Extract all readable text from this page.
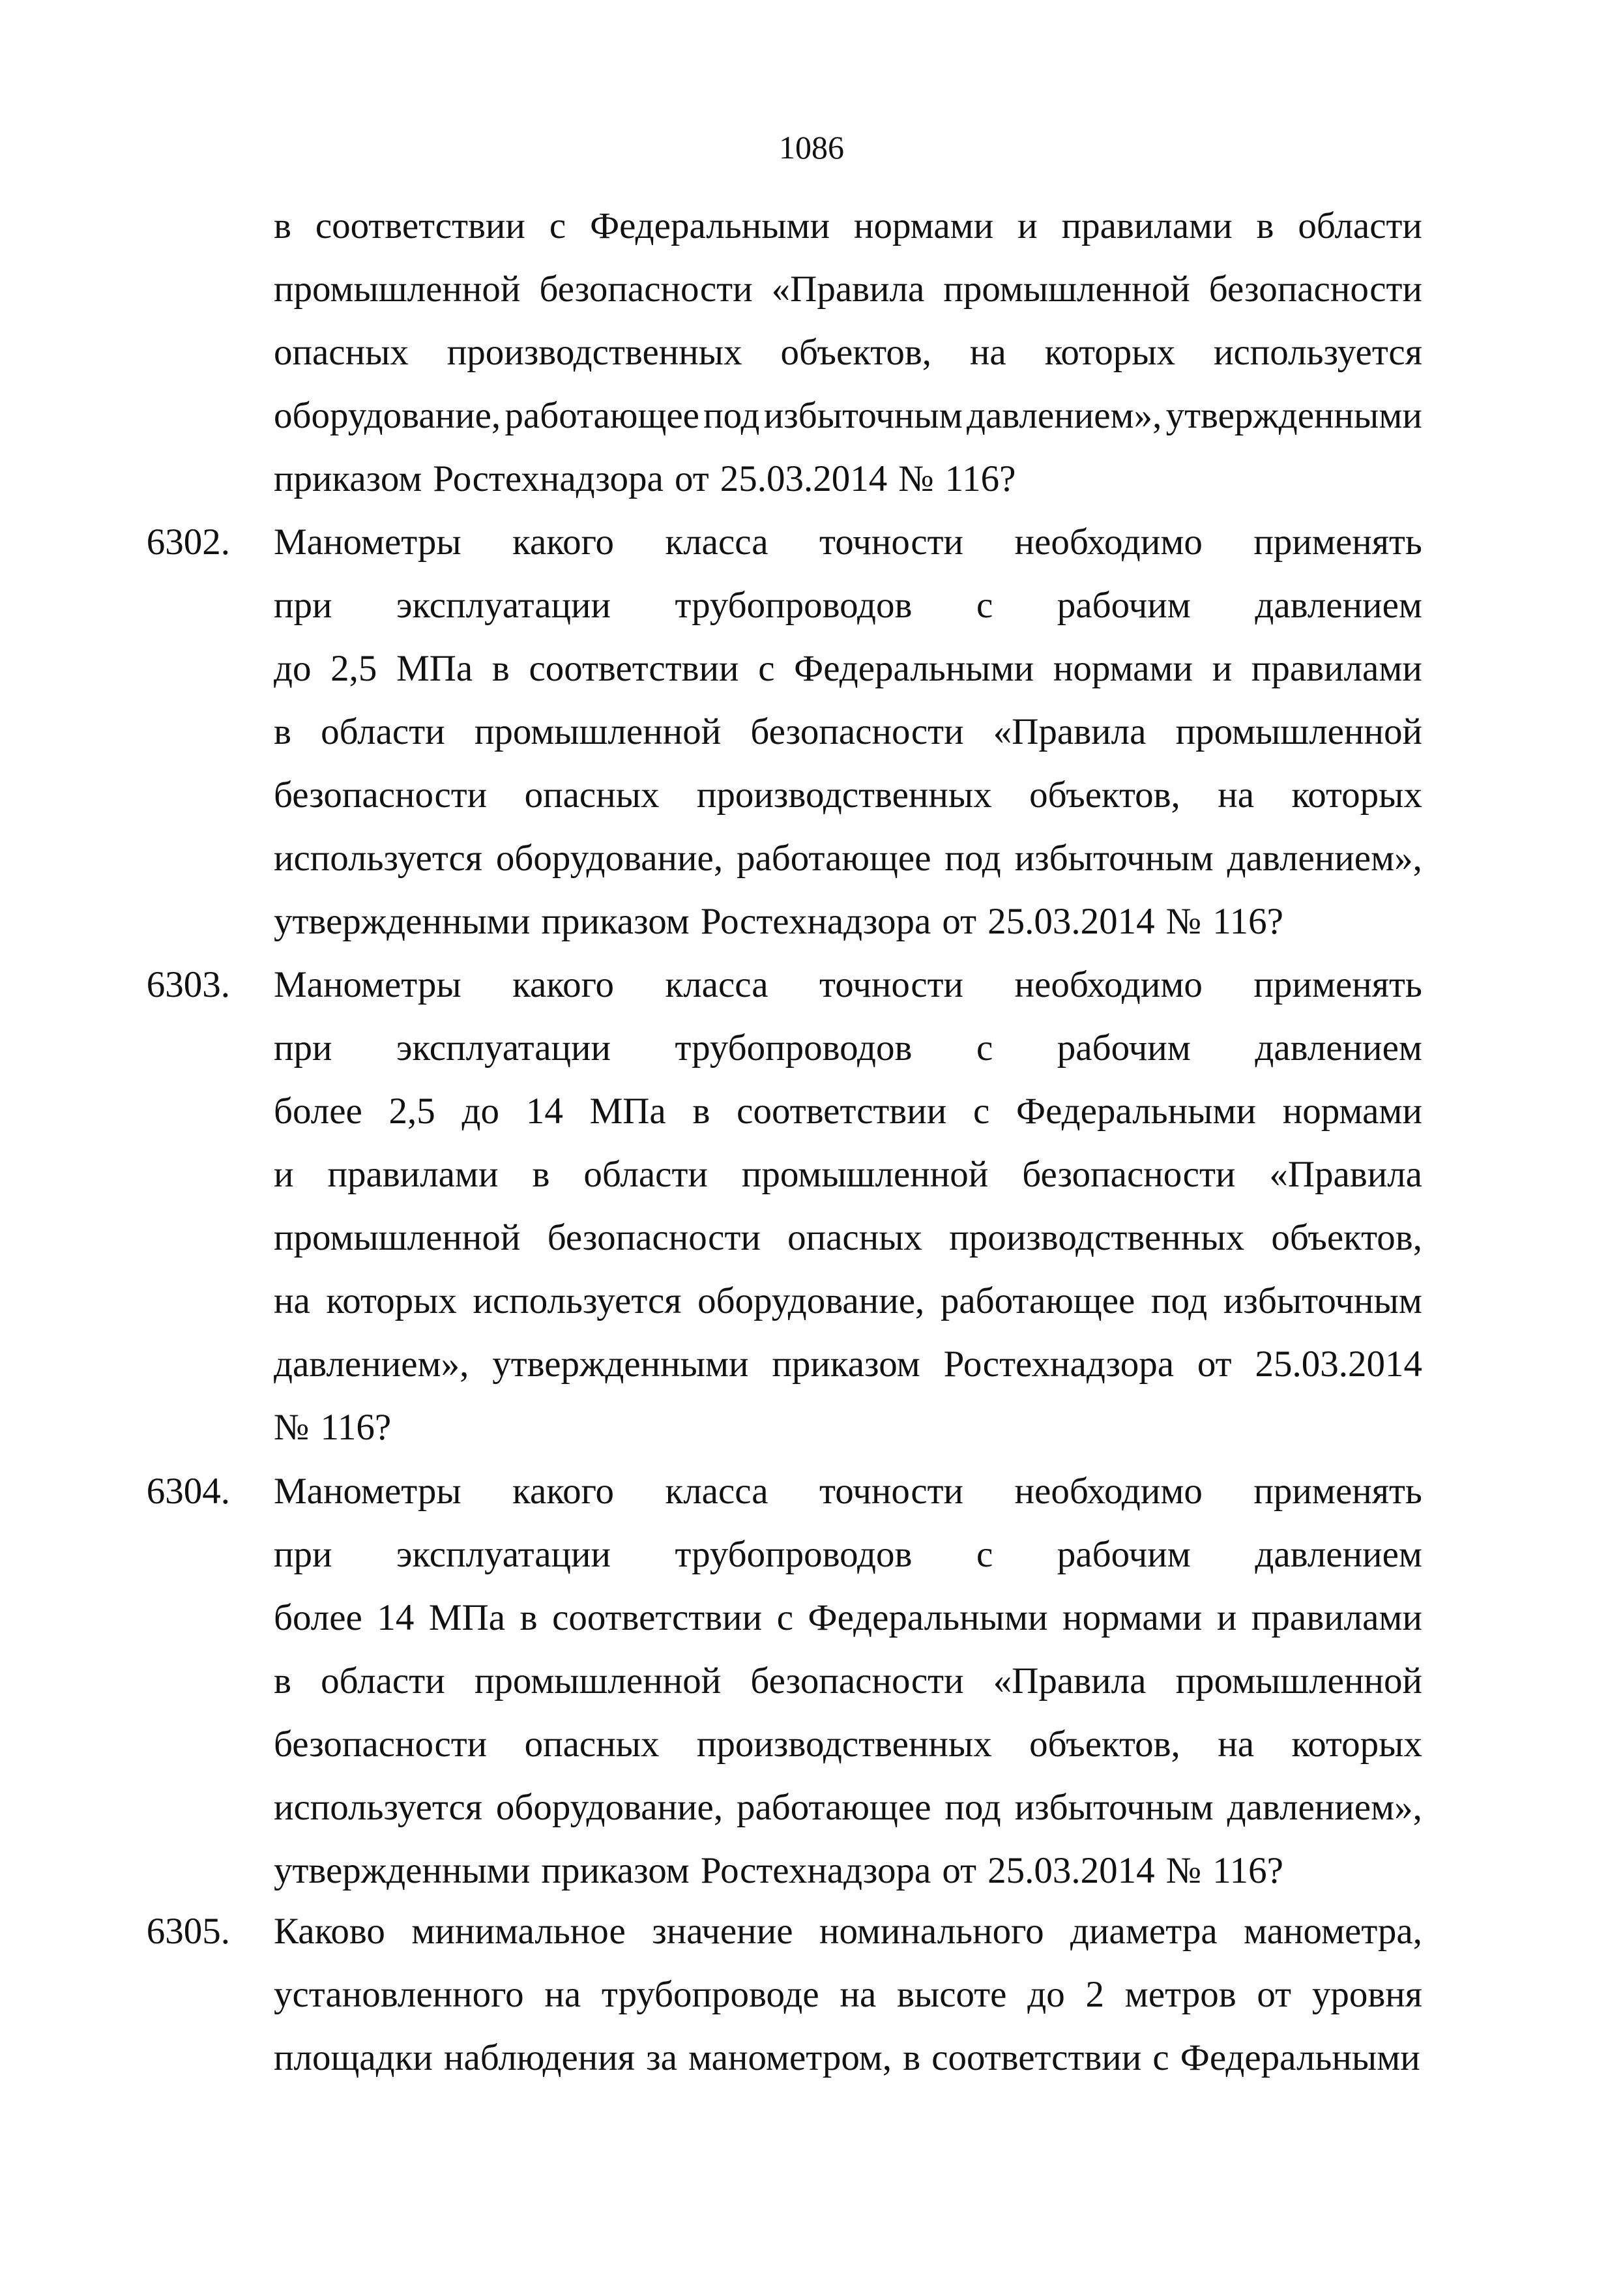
1086
в соответствии с Федеральными нормами и правилами в области
промышленной безопасности «Правила промышленной безопасности
опасных производственных объектов, на которых используется
оборудование, работающее под избыточным давлением», утвержденными
приказом Ростехнадзора от 25.03.2014 № 116?
6302. Манометры какого класса точности необходимо применять
при эксплуатации трубопроводов с рабочим давлением
до 2,5 МПа в соответствии с Федеральными нормами и правилами
в области промышленной безопасности «Правила промышленной
безопасности опасных производственных объектов, на которых
используется оборудование, работающее под избыточным давлением»,
утвержденными приказом Ростехнадзора от 25.03.2014 № 116?
6303. Манометры какого класса точности необходимо применять
при эксплуатации трубопроводов с рабочим давлением
более 2,5 до 14 МПа в соответствии с Федеральными нормами
и правилами в области промышленной безопасности «Правила
промышленной безопасности опасных производственных объектов,
на которых используется оборудование, работающее под избыточным
давлением», утвержденными приказом Ростехнадзора от 25.03.2014
№ 116?
6304. Манометры какого класса точности необходимо применять
при эксплуатации трубопроводов с рабочим давлением
более 14 МПа в соответствии с Федеральными нормами и правилами
в области промышленной безопасности «Правила промышленной
безопасности опасных производственных объектов, на которых
используется оборудование, работающее под избыточным давлением»,
утвержденными приказом Ростехнадзора от 25.03.2014 № 116?
6305. Каково минимальное значение номинального диаметра манометра,
установленного на трубопроводе на высоте до 2 метров от уровня
площадки наблюдения за манометром, в соответствии с Федеральными
